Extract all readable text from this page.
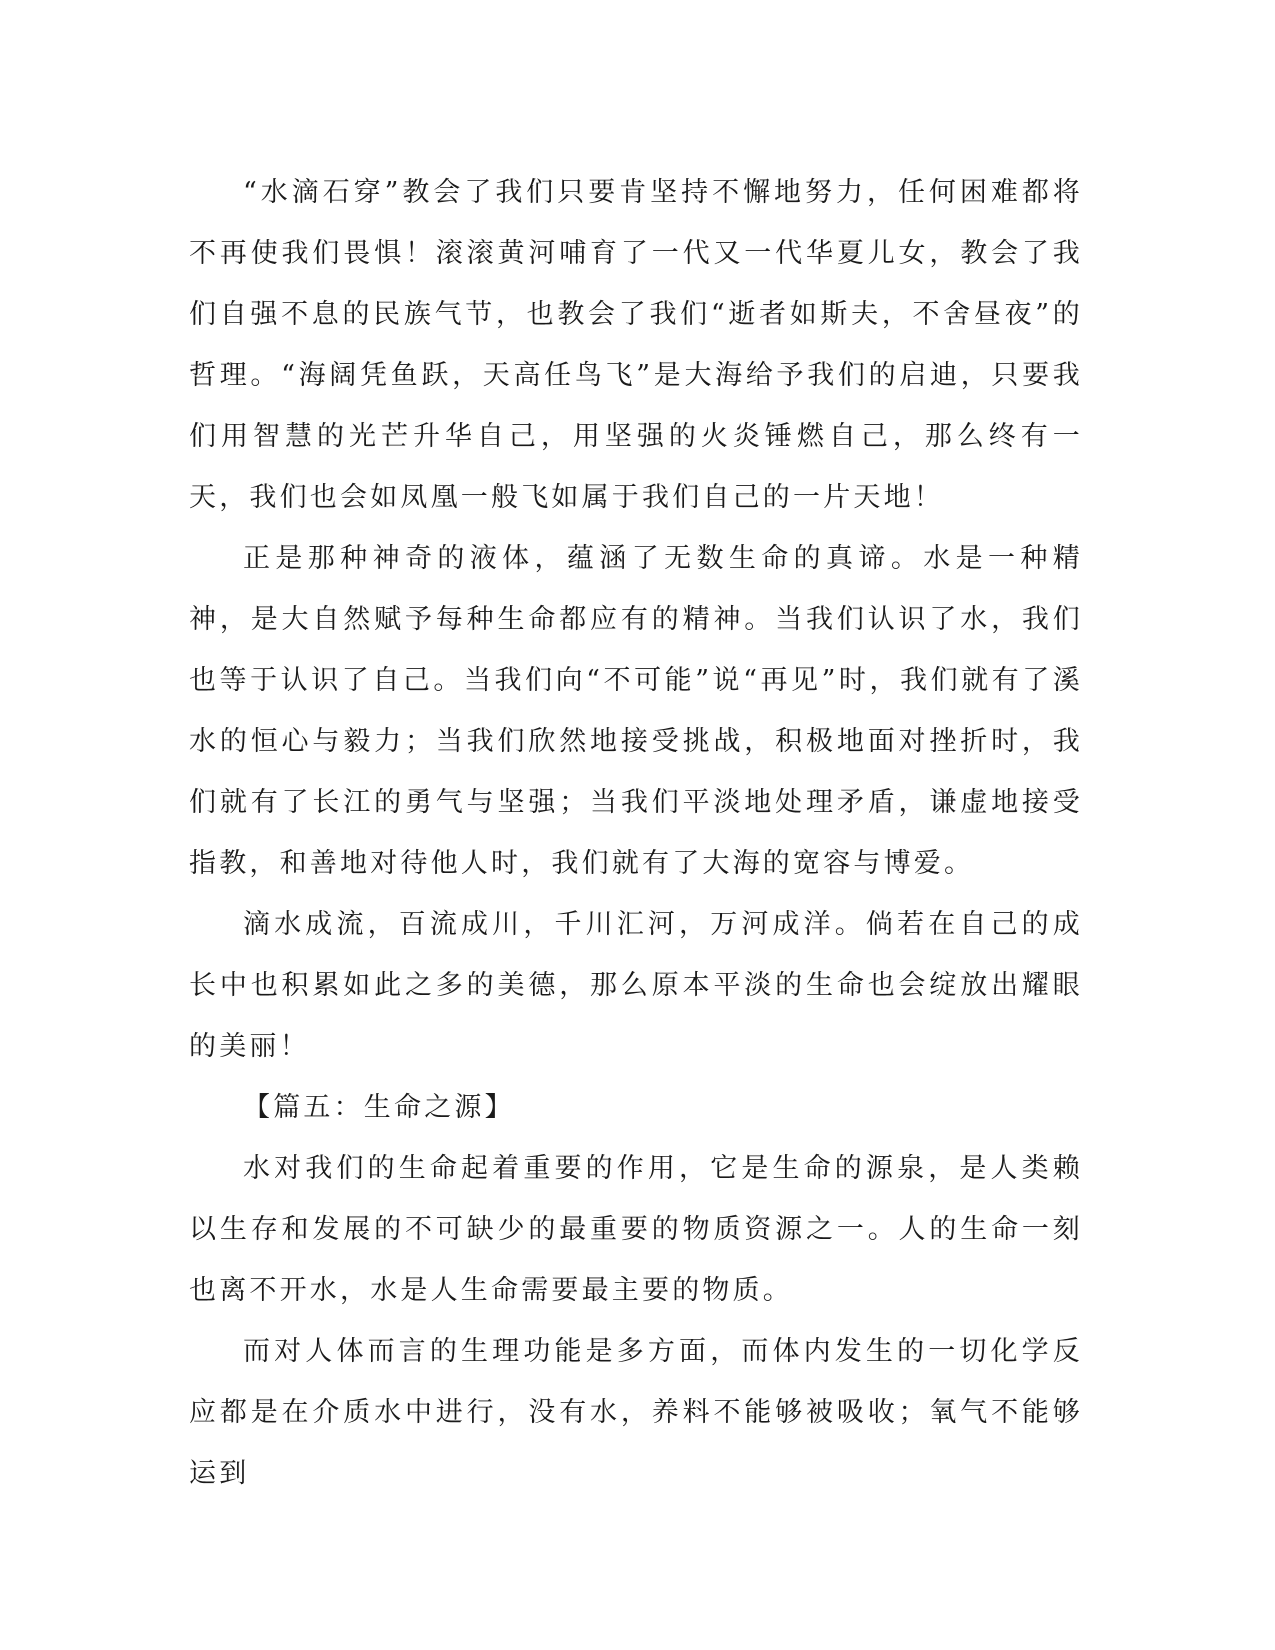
“水滴石穿”教会了我们只要肯坚持不懈地努力，任何困难都将不再使我们畏惧！滚滚黄河哺育了一代又一代华夏儿女，教会了我们自强不息的民族气节，也教会了我们“逝者如斯夫，不舍昼夜”的哲理。“海阔凭鱼跃，天高任鸟飞”是大海给予我们的启迪，只要我们用智慧的光芒升华自己，用坚强的火炎锤燃自己，那么终有一天，我们也会如凤凰一般飞如属于我们自己的一片天地！

正是那种神奇的液体，蕴涵了无数生命的真谛。水是一种精神，是大自然赋予每种生命都应有的精神。当我们认识了水，我们也等于认识了自己。当我们向“不可能”说“再见”时，我们就有了溪水的恒心与毅力；当我们欣然地接受挑战，积极地面对挫折时，我们就有了长江的勇气与坚强；当我们平淡地处理矛盾，谦虚地接受指教，和善地对待他人时，我们就有了大海的宽容与博爱。

滴水成流，百流成川，千川汇河，万河成洋。倘若在自己的成长中也积累如此之多的美德，那么原本平淡的生命也会绽放出耀眼的美丽！

【篇五：生命之源】

水对我们的生命起着重要的作用，它是生命的源泉，是人类赖以生存和发展的不可缺少的最重要的物质资源之一。人的生命一刻也离不开水，水是人生命需要最主要的物质。

而对人体而言的生理功能是多方面，而体内发生的一切化学反应都是在介质水中进行，没有水，养料不能够被吸收；氧气不能够运到
